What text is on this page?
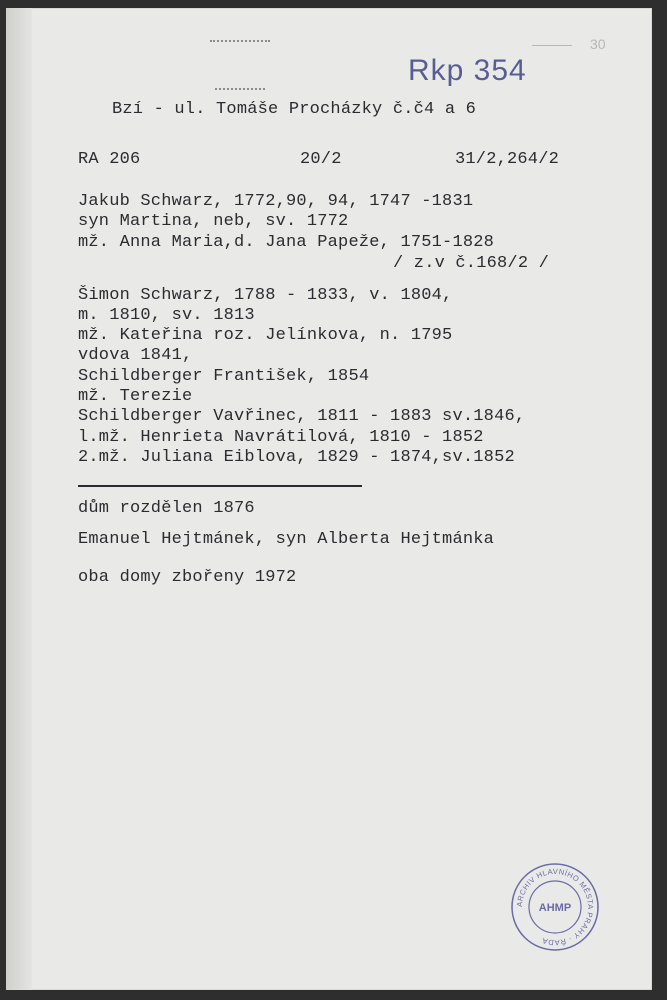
30
Rkp 354
Bzí - ul. Tomáše Procházky č.č4 a 6
RA 206	20/2	31/2,264/2
Jakub Schwarz, 1772,90, 94, 1747 -1831
syn Martina, neb, sv. 1772
mž. Anna Maria,d. Jana Papeže, 1751-1828
/ z.v č.168/2 /
Šimon Schwarz, 1788 - 1833, v. 1804,
m. 1810, sv. 1813
mž. Kateřina roz. Jelínkova, n. 1795
vdova 1841,
Schildberger František, 1854
mž. Terezie
Schildberger Vavřinec, 1811 - 1883 sv.1846,
l.mž. Henrieta Navrátilová, 1810 - 1852
2.mž. Juliana Eiblova, 1829 - 1874,sv.1852
dům rozdělen 1876
Emanuel Hejtmánek, syn Alberta Hejtmánka
oba domy zbořeny 1972
ARCHIV HLAVNÍHO MĚSTA PRAHY · ŘADA
AHMP
